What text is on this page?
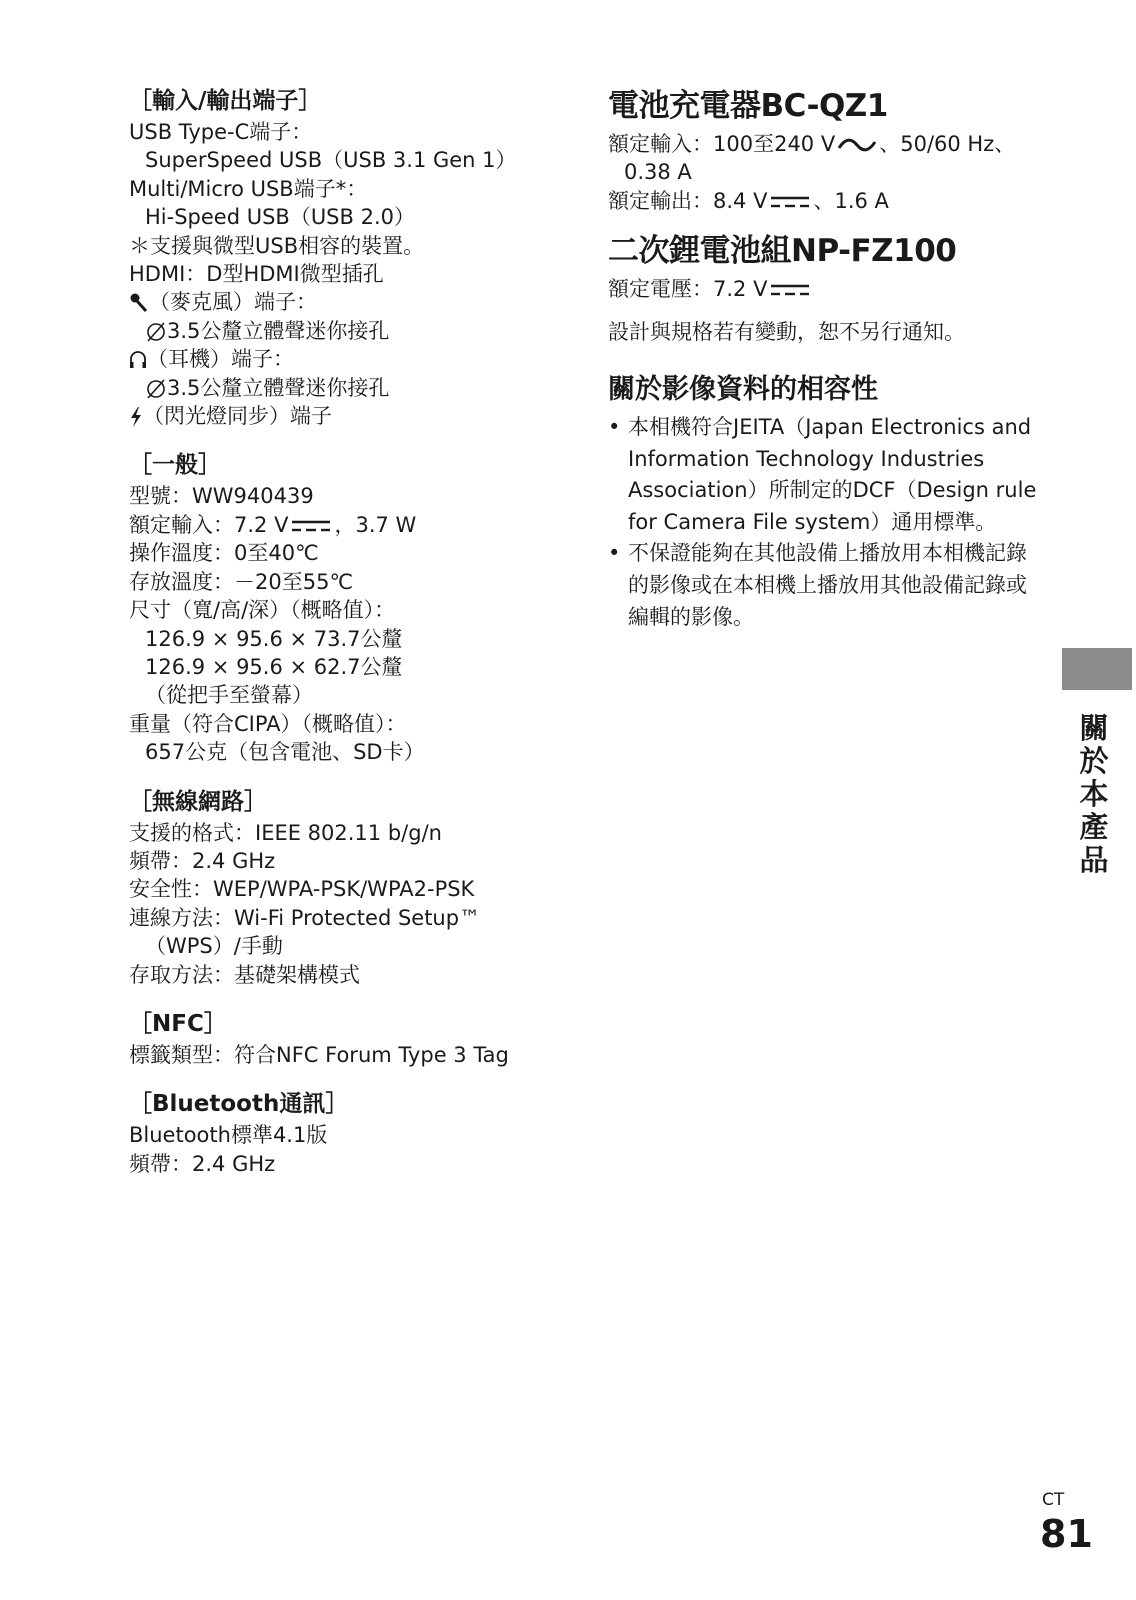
［輸入/輸出端子］
USB Type-C端子：
SuperSpeed USB（USB 3.1 Gen 1）
Multi/Micro USB端子*：
Hi-Speed USB（USB 2.0）
＊支援與微型USB相容的裝置。
HDMI：D型HDMI微型插孔
（麥克風）端子：
3.5公釐立體聲迷你接孔
（耳機）端子：
3.5公釐立體聲迷你接孔
（閃光燈同步）端子
［一般］
型號：WW940439
額定輸入：7.2 V ，3.7 W
操作溫度：0至40℃
存放溫度：－20至55℃
尺寸（寬/高/深）（概略值）：
126.9 × 95.6 × 73.7公釐
126.9 × 95.6 × 62.7公釐
（從把手至螢幕）
重量（符合CIPA）（概略值）：
657公克（包含電池、SD卡）
［無線網路］
支援的格式：IEEE 802.11 b/g/n
頻帶：2.4 GHz
安全性：WEP/WPA-PSK/WPA2-PSK
連線方法：Wi-Fi Protected Setup™
（WPS）/手動
存取方法：基礎架構模式
［NFC］
標籤類型：符合NFC Forum Type 3 Tag
［Bluetooth通訊］
Bluetooth標準4.1版
頻帶：2.4 GHz
電池充電器BC-QZ1
額定輸入：100至240 V 、50/60 Hz、
0.38 A
額定輸出：8.4 V 、1.6 A
二次鋰電池組NP-FZ100
額定電壓：7.2 V
設計與規格若有變動，恕不另行通知。
關於影像資料的相容性
• 本相機符合JEITA（Japan Electronics and Information Technology Industries Association）所制定的DCF（Design rule for Camera File system）通用標準。
• 不保證能夠在其他設備上播放用本相機記錄的影像或在本相機上播放用其他設備記錄或編輯的影像。
關於本產品
CT
81
